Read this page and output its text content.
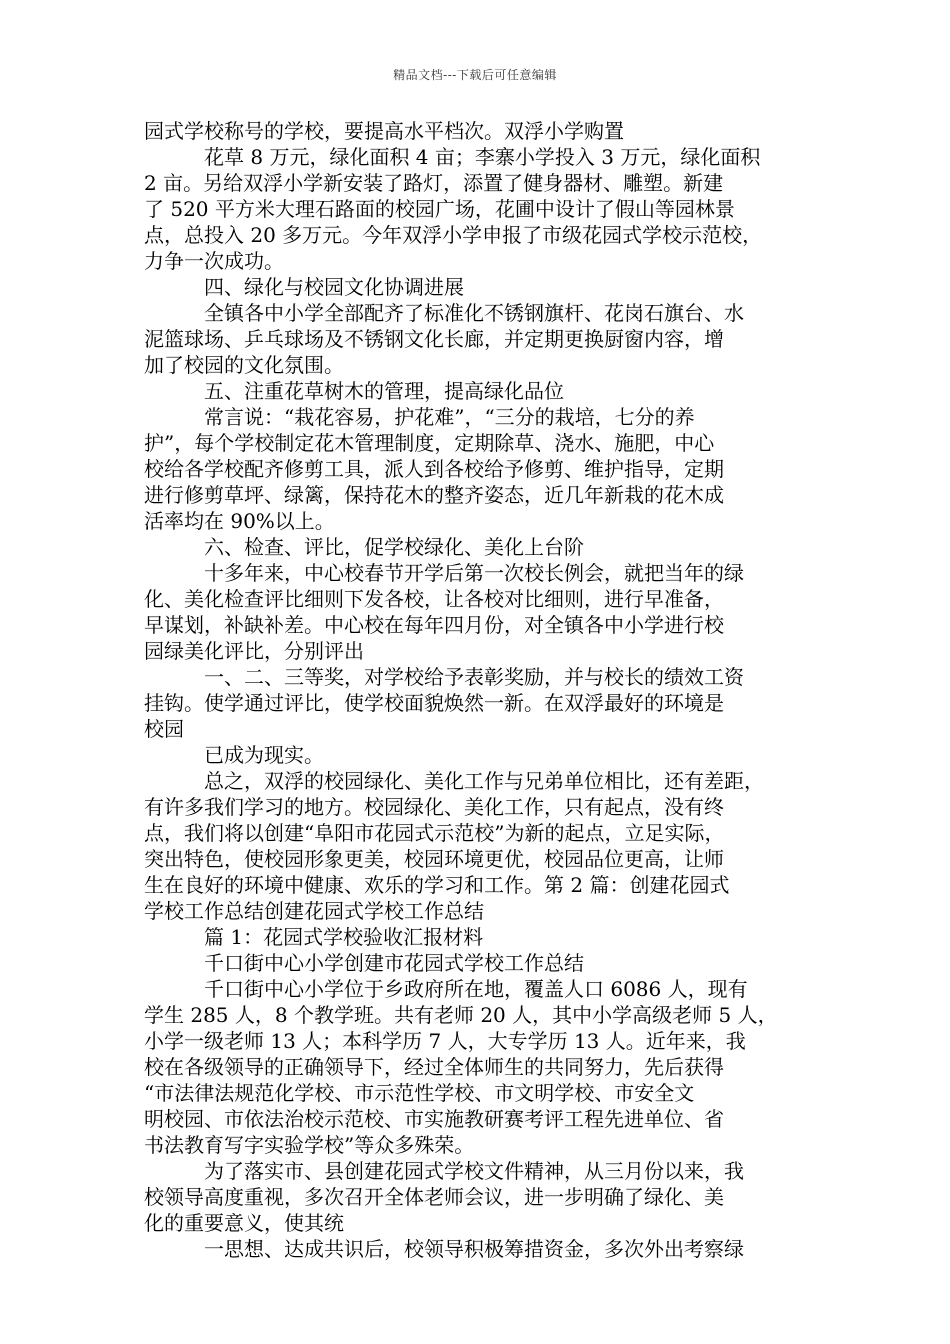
精品文档---下载后可任意编辑
园式学校称号的学校，要提高水平档次。双浮小学购置
花草 8 万元，绿化面积 4 亩；李寨小学投入 3 万元，绿化面积
2 亩。另给双浮小学新安装了路灯，添置了健身器材、雕塑。新建
了 520 平方米大理石路面的校园广场，花圃中设计了假山等园林景
点，总投入 20 多万元。今年双浮小学申报了市级花园式学校示范校，
力争一次成功。
四、绿化与校园文化协调进展
全镇各中小学全部配齐了标准化不锈钢旗杆、花岗石旗台、水
泥篮球场、乒乓球场及不锈钢文化长廊，并定期更换厨窗内容，增
加了校园的文化氛围。
五、注重花草树木的管理，提高绿化品位
常言说：“栽花容易，护花难”，“三分的栽培，七分的养
护”，每个学校制定花木管理制度，定期除草、浇水、施肥，中心
校给各学校配齐修剪工具，派人到各校给予修剪、维护指导，定期
进行修剪草坪、绿篱，保持花木的整齐姿态，近几年新栽的花木成
活率均在 90%以上。
六、检查、评比，促学校绿化、美化上台阶
十多年来，中心校春节开学后第一次校长例会，就把当年的绿
化、美化检查评比细则下发各校，让各校对比细则，进行早准备，
早谋划，补缺补差。中心校在每年四月份，对全镇各中小学进行校
园绿美化评比，分别评出
一、二、三等奖，对学校给予表彰奖励，并与校长的绩效工资
挂钩。使学通过评比，使学校面貌焕然一新。在双浮最好的环境是
校园
已成为现实。
总之，双浮的校园绿化、美化工作与兄弟单位相比，还有差距，
有许多我们学习的地方。校园绿化、美化工作，只有起点，没有终
点，我们将以创建“阜阳市花园式示范校”为新的起点，立足实际，
突出特色，使校园形象更美，校园环境更优，校园品位更高，让师
生在良好的环境中健康、欢乐的学习和工作。第 2 篇：创建花园式
学校工作总结创建花园式学校工作总结
篇 1：花园式学校验收汇报材料
千口街中心小学创建市花园式学校工作总结
千口街中心小学位于乡政府所在地，覆盖人口 6086 人，现有
学生 285 人，8 个教学班。共有老师 20 人，其中小学高级老师 5 人，
小学一级老师 13 人；本科学历 7 人，大专学历 13 人。近年来，我
校在各级领导的正确领导下，经过全体师生的共同努力，先后获得
“市法律法规范化学校、市示范性学校、市文明学校、市安全文
明校园、市依法治校示范校、市实施教研赛考评工程先进单位、省
书法教育写字实验学校”等众多殊荣。
为了落实市、县创建花园式学校文件精神，从三月份以来，我
校领导高度重视，多次召开全体老师会议，进一步明确了绿化、美
化的重要意义，使其统
一思想、达成共识后，校领导积极筹措资金，多次外出考察绿
